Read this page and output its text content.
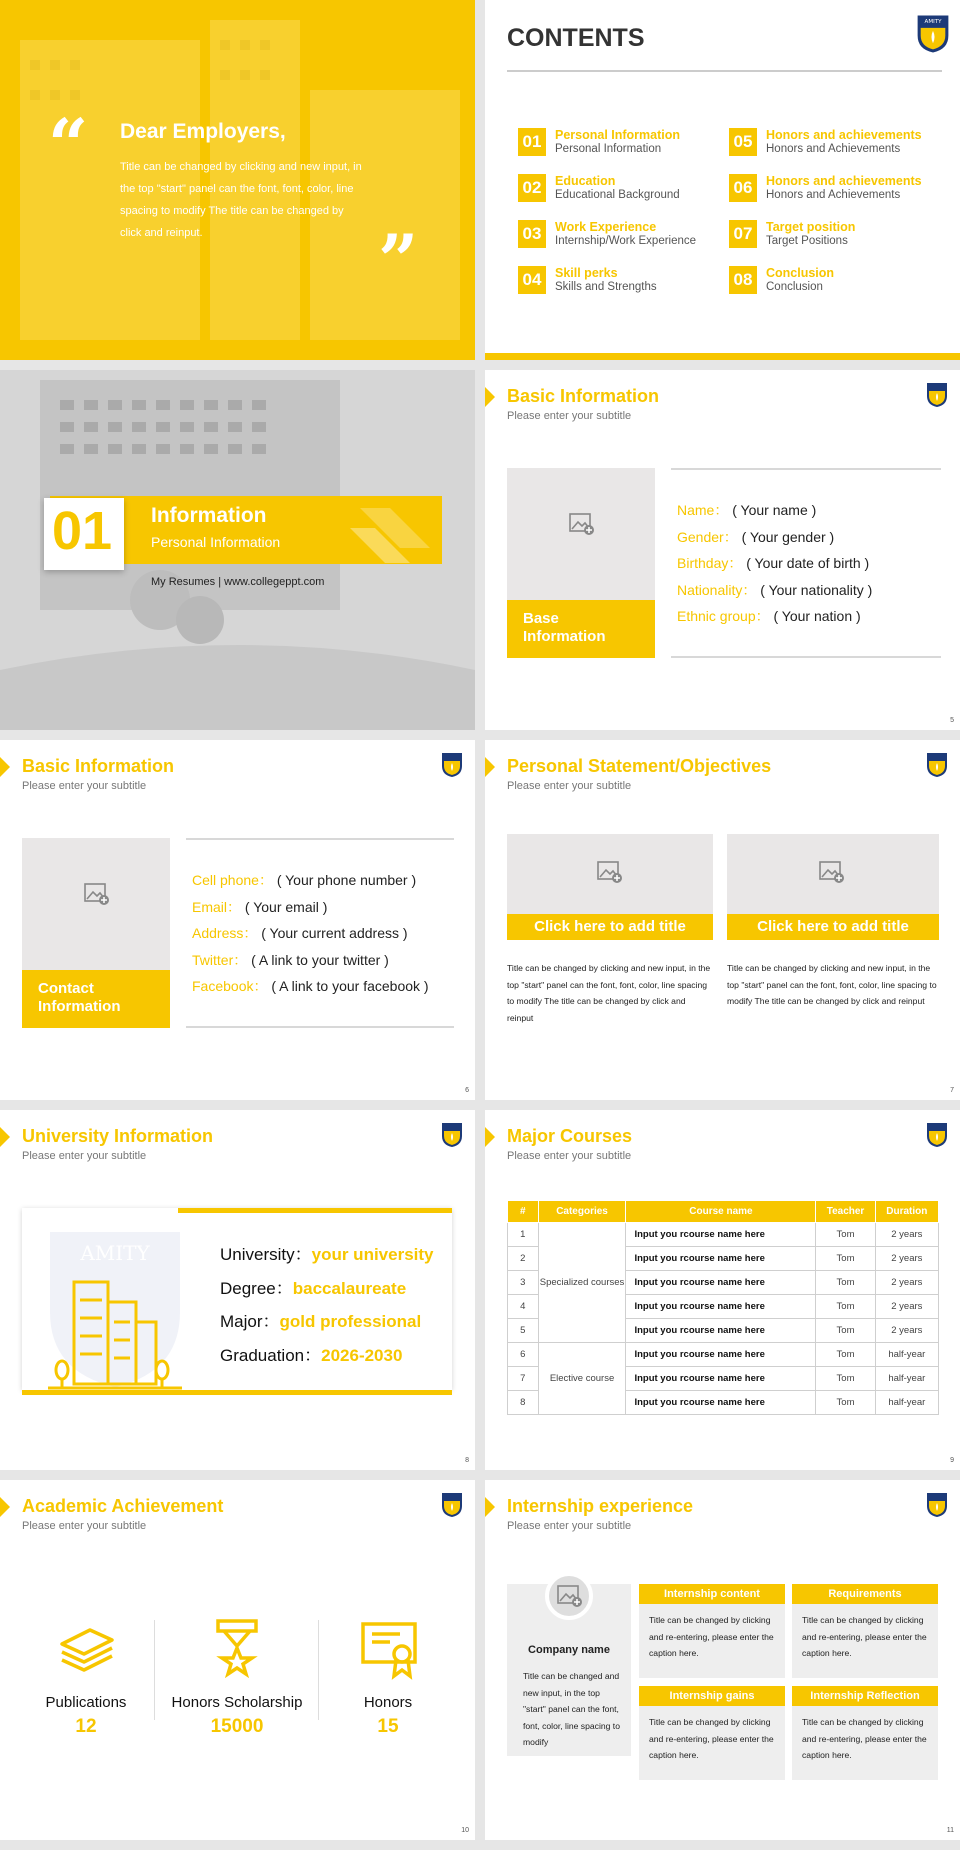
“ Dear Employers,
Title can be changed by clicking and new input, in the top "start" panel can the font, font, color, line spacing to modify The title can be changed by click and reinput.	”
CONTENTS
AMITY
01	Personal Information
Personal Information
02	Education
Educational Background
03	Work Experience
Internship/Work Experience
04	Skill perks
Skills and Strengths
05	Honors and achievements
Honors and Achievements
06	Honors and achievements
Honors and Achievements
07	Target position
Target Positions
08	Conclusion
Conclusion
01 Information
Personal Information
My Resumes | www.collegeppt.com
Basic Information
Please enter your subtitle
Base Information
Name： ( Your name )
Gender： ( Your gender )
Birthday： ( Your date of birth )
Nationality： ( Your nationality )
Ethnic group： ( Your nation )
5
Basic Information
Please enter your subtitle
Contact Information
Cell phone： ( Your phone number )
Email： ( Your email )
Address： ( Your current address )
Twitter： ( A link to your twitter )
Facebook： ( A link to your facebook )
6
Personal Statement/Objectives
Please enter your subtitle
Click here to add title
Title can be changed by clicking and new input, in the top "start" panel can the font, font, color, line spacing to modify The title can be changed by click and reinput
Click here to add title
Title can be changed by clicking and new input, in the top "start" panel can the font, font, color, line spacing to modify The title can be changed by click and reinput
7
University Information
Please enter your subtitle
AMITY	University：your university
Degree：baccalaureate
Major：gold professional
Graduation：2026-2030
8
Major Courses
Please enter your subtitle
#	Categories	Course name	Teacher	Duration
1	Specialized courses	Input you rcourse name here	Tom	2 years
2		Input you rcourse name here	Tom	2 years
3		Input you rcourse name here	Tom	2 years
4		Input you rcourse name here	Tom	2 years
5		Input you rcourse name here	Tom	2 years
6	Elective course	Input you rcourse name here	Tom	half-year
7		Input you rcourse name here	Tom	half-year
8		Input you rcourse name here	Tom	half-year
9
Academic Achievement
Please enter your subtitle
Publications
12
Honors Scholarship
15000
Honors
15
10
Internship experience
Please enter your subtitle
Company name
Title can be changed and new input, in the top "start" panel can the font, font, color, line spacing to modify
Internship content
Title can be changed by clicking and re-entering, please enter the caption here.
Requirements
Title can be changed by clicking and re-entering, please enter the caption here.
Internship gains
Title can be changed by clicking and re-entering, please enter the caption here.
Internship Reflection
Title can be changed by clicking and re-entering, please enter the caption here.
11
